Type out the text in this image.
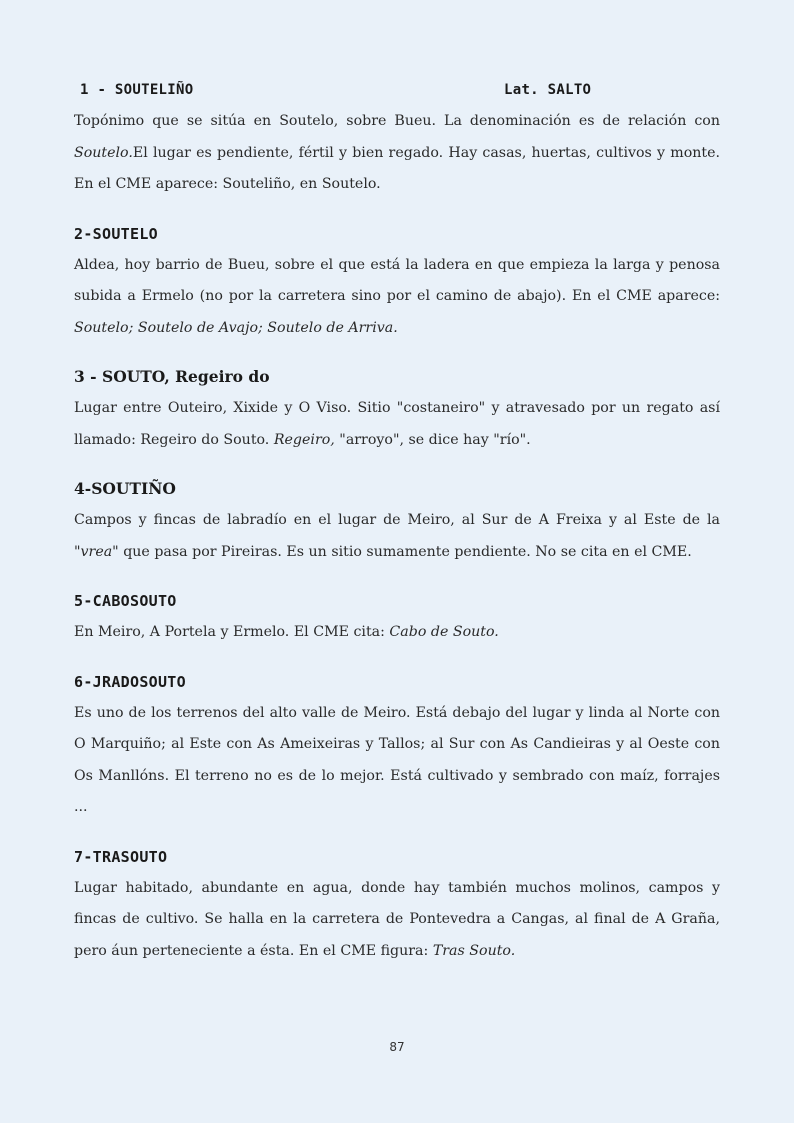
1 - SOUTELIÑO	Lat. SALTO

Topónimo que se sitúa en Soutelo, sobre Bueu. La denominación es de relación con Soutelo.El lugar es pendiente, fértil y bien regado. Hay casas, huertas, cultivos y monte. En el CME aparece: Souteliño, en Soutelo.

2-SOUTELO

Aldea, hoy barrio de Bueu, sobre el que está la ladera en que empieza la larga y penosa subida a Ermelo (no por la carretera sino por el camino de abajo). En el CME aparece: Soutelo; Soutelo de Avajo; Soutelo de Arriva.

3 - SOUTO, Regeiro do

Lugar entre Outeiro, Xixide y O Viso. Sitio "costaneiro" y atravesado por un regato así llamado: Regeiro do Souto. Regeiro, "arroyo", se dice hay "río".

4-SOUTIÑO

Campos y fincas de labradío en el lugar de Meiro, al Sur de A Freixa y al Este de la "vrea" que pasa por Pireiras. Es un sitio sumamente pendiente. No se cita en el CME.

5-CABOSOUTO

En Meiro, A Portela y Ermelo. El CME cita: Cabo de Souto.

6-JRADOSOUTO

Es uno de los terrenos del alto valle de Meiro. Está debajo del lugar y linda al Norte con O Marquiño; al Este con As Ameixeiras y Tallos; al Sur con As Candieiras y al Oeste con Os Manllóns. El terreno no es de lo mejor. Está cultivado y sembrado con maíz, forrajes ...

7-TRASOUTO

Lugar habitado, abundante en agua, donde hay también muchos molinos, campos y fincas de cultivo. Se halla en la carretera de Pontevedra a Cangas, al final de A Graña, pero áun perteneciente a ésta. En el CME figura: Tras Souto.

87
